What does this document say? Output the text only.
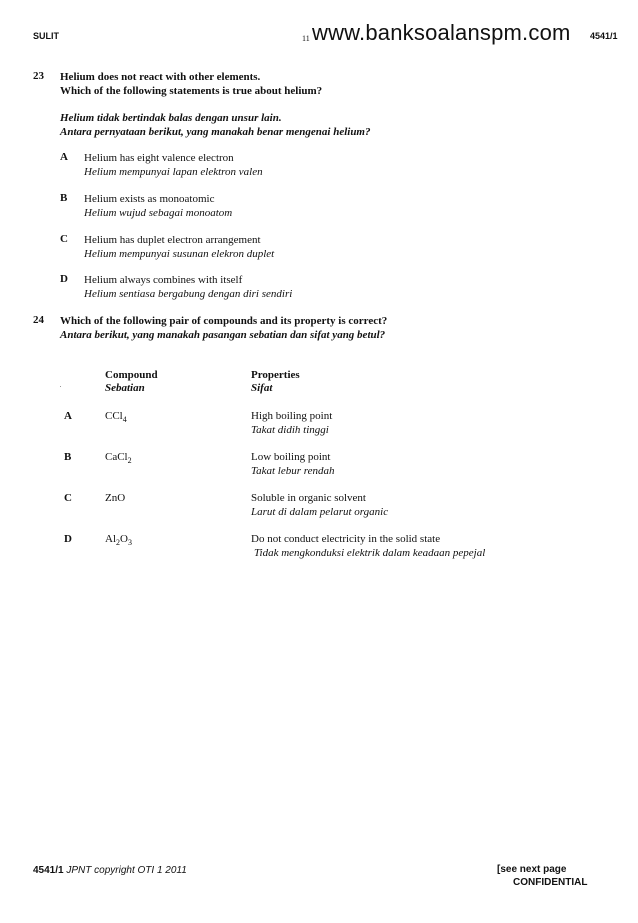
SULIT	11 www.banksoalanspm.com 4541/1
23 Helium does not react with other elements.
Which of the following statements is true about helium?
Helium tidak bertindak balas dengan unsur lain.
Antara pernyataan berikut, yang manakah benar mengenai helium?
A Helium has eight valence electron
Helium mempunyai lapan elektron valen
B Helium exists as monoatomic
Helium wujud sebagai monoatom
C Helium has duplet electron arrangement
Helium mempunyai susunan elekron duplet
D Helium always combines with itself
Helium sentiasa bergabung dengan diri sendiri
24 Which of the following pair of compounds and its property is correct?
Antara berikut, yang manakah pasangan sebatian dan sifat yang betul?
Compound
Sebatian
Properties
Sifat
A	CCl$_4$	High boiling point
Takat didih tinggi
B	CaCl$_2$	Low boiling point
Takat lebur rendah
C	ZnO	Soluble in organic solvent
Larut di dalam pelarut organic
D	$Al_2O_3$	Do not conduct electricity in the solid state
Tidak mengkonduksi elektrik dalam keadaan pepejal
4541/1 JPNT copyright OTI 1 2011	[see next page
CONFIDENTIAL
